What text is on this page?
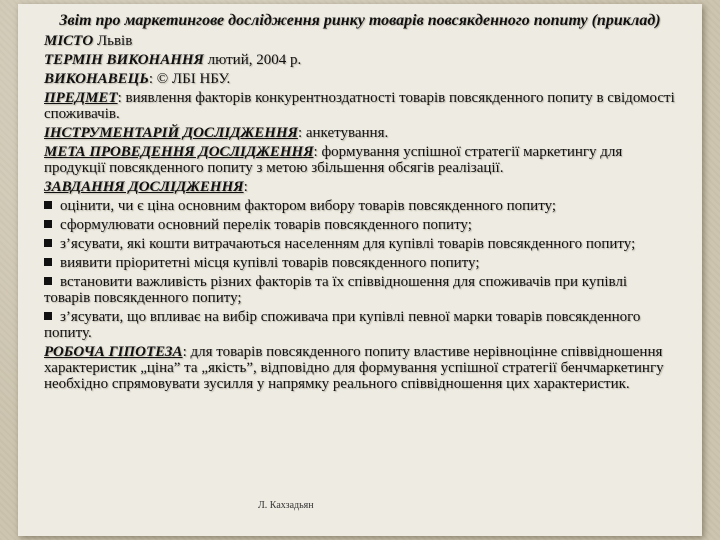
Звіт про маркетингове дослідження ринку товарів повсякденного попиту (приклад)
МІСТО Львів
ТЕРМІН ВИКОНАННЯ лютий, 2004 р.
ВИКОНАВЕЦЬ: © ЛБІ НБУ.
ПРЕДМЕТ: виявлення факторів конкурентноздатності товарів повсякденного попиту в свідомості споживачів.
ІНСТРУМЕНТАРІЙ ДОСЛІДЖЕННЯ: анкетування.
МЕТА ПРОВЕДЕННЯ ДОСЛІДЖЕННЯ: формування успішної стратегії маркетингу для продукції повсякденного попиту з метою збільшення обсягів реалізації.
ЗАВДАННЯ ДОСЛІДЖЕННЯ:
оцінити, чи є ціна основним фактором вибору товарів повсякденного попиту;
сформулювати основний перелік товарів повсякденного попиту;
з’ясувати, які кошти витрачаються населенням для купівлі товарів повсякденного попиту;
виявити пріоритетні місця купівлі товарів повсякденного попиту;
встановити важливість різних факторів та їх співвідношення для споживачів при купівлі товарів повсякденного попиту;
з’ясувати, що впливає на вибір споживача при купівлі певної марки товарів повсякденного попиту.
РОБОЧА ГІПОТЕЗА: для товарів повсякденного попиту властиве нерівноцінне співвідношення характеристик „ціна” та „якість”, відповідно для формування успішної стратегії бенчмаркетингу необхідно спрямовувати зусилля у напрямку реального співвідношення цих характеристик.
Л. Кахзадьян
